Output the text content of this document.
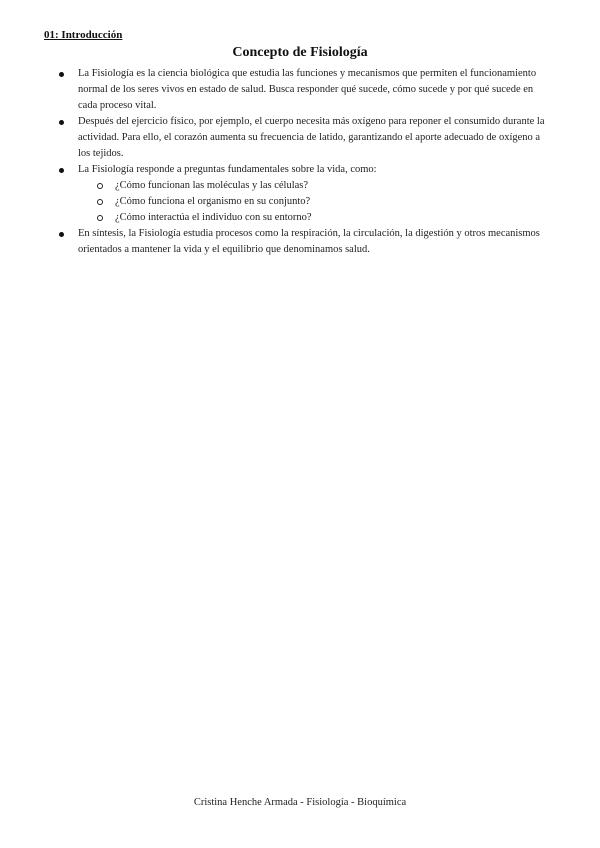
01: Introducción
Concepto de Fisiología
La Fisiología es la ciencia biológica que estudia las funciones y mecanismos que permiten el funcionamiento normal de los seres vivos en estado de salud. Busca responder qué sucede, cómo sucede y por qué sucede en cada proceso vital.
Después del ejercicio físico, por ejemplo, el cuerpo necesita más oxígeno para reponer el consumido durante la actividad. Para ello, el corazón aumenta su frecuencia de latido, garantizando el aporte adecuado de oxígeno a los tejidos.
La Fisiología responde a preguntas fundamentales sobre la vida, como:
¿Cómo funcionan las moléculas y las células?
¿Cómo funciona el organismo en su conjunto?
¿Cómo interactúa el individuo con su entorno?
En síntesis, la Fisiología estudia procesos como la respiración, la circulación, la digestión y otros mecanismos orientados a mantener la vida y el equilibrio que denominamos salud.
Cristina Henche Armada - Fisiología - Bioquímica
